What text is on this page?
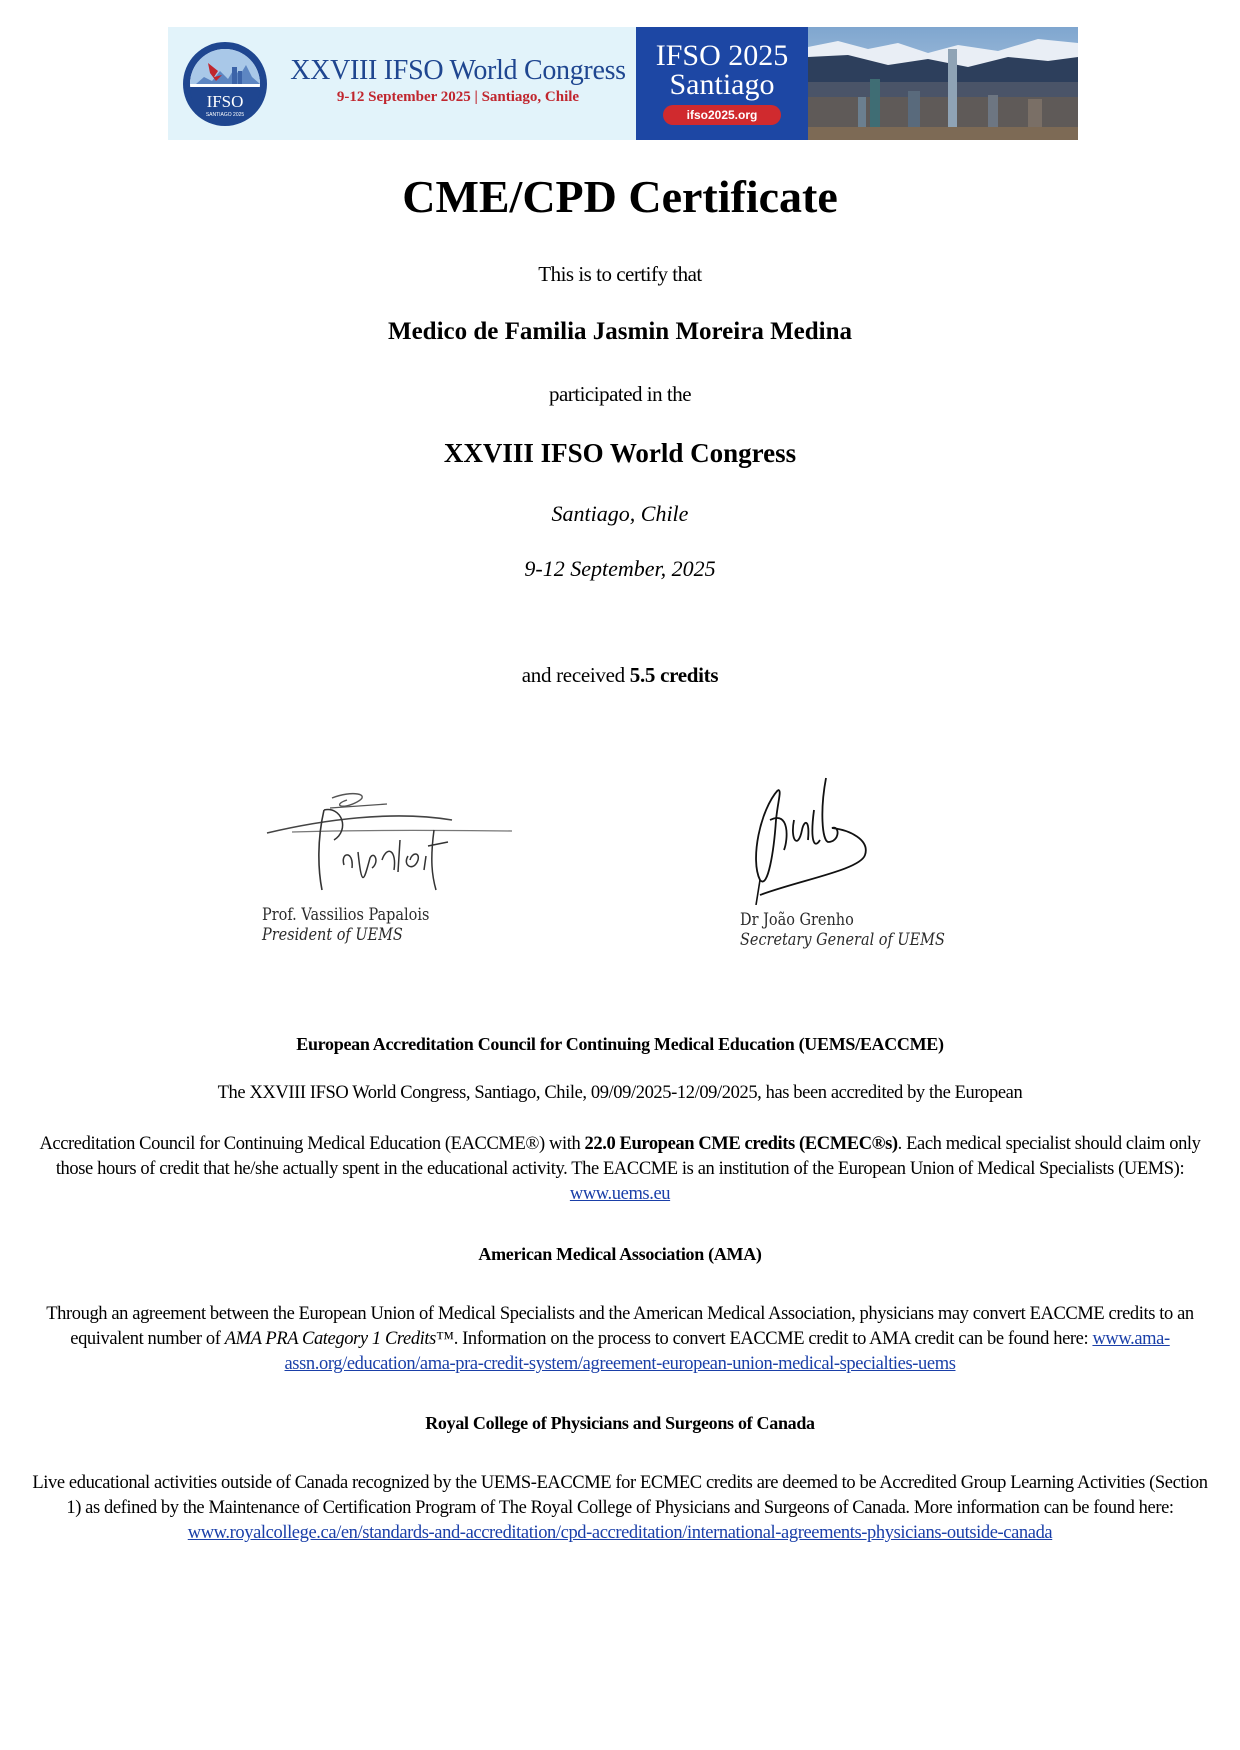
IFSO
SANTIAGO 2025
XXVIII IFSO World Congress
9-12 September 2025 | Santiago, Chile
IFSO 2025
Santiago
ifso2025.org
CME/CPD Certificate
This is to certify that
Medico de Familia Jasmin Moreira Medina
participated in the
XXVIII IFSO World Congress
Santiago, Chile
9-12 September, 2025
and received 5.5 credits
Prof. Vassilios Papalois
President of UEMS
Dr João Grenho
Secretary General of UEMS
European Accreditation Council for Continuing Medical Education (UEMS/EACCME)
The XXVIII IFSO World Congress, Santiago, Chile, 09/09/2025-12/09/2025, has been accredited by the European
Accreditation Council for Continuing Medical Education (EACCME®) with 22.0 European CME credits (ECMEC®s). Each medical specialist should claim only those hours of credit that he/she actually spent in the educational activity. The EACCME is an institution of the European Union of Medical Specialists (UEMS): www.uems.eu
American Medical Association (AMA)
Through an agreement between the European Union of Medical Specialists and the American Medical Association, physicians may convert EACCME credits to an equivalent number of AMA PRA Category 1 Credits™. Information on the process to convert EACCME credit to AMA credit can be found here: www.ama-assn.org/education/ama-pra-credit-system/agreement-european-union-medical-specialties-uems
Royal College of Physicians and Surgeons of Canada
Live educational activities outside of Canada recognized by the UEMS-EACCME for ECMEC credits are deemed to be Accredited Group Learning Activities (Section 1) as defined by the Maintenance of Certification Program of The Royal College of Physicians and Surgeons of Canada. More information can be found here: www.royalcollege.ca/en/standards-and-accreditation/cpd-accreditation/international-agreements-physicians-outside-canada
